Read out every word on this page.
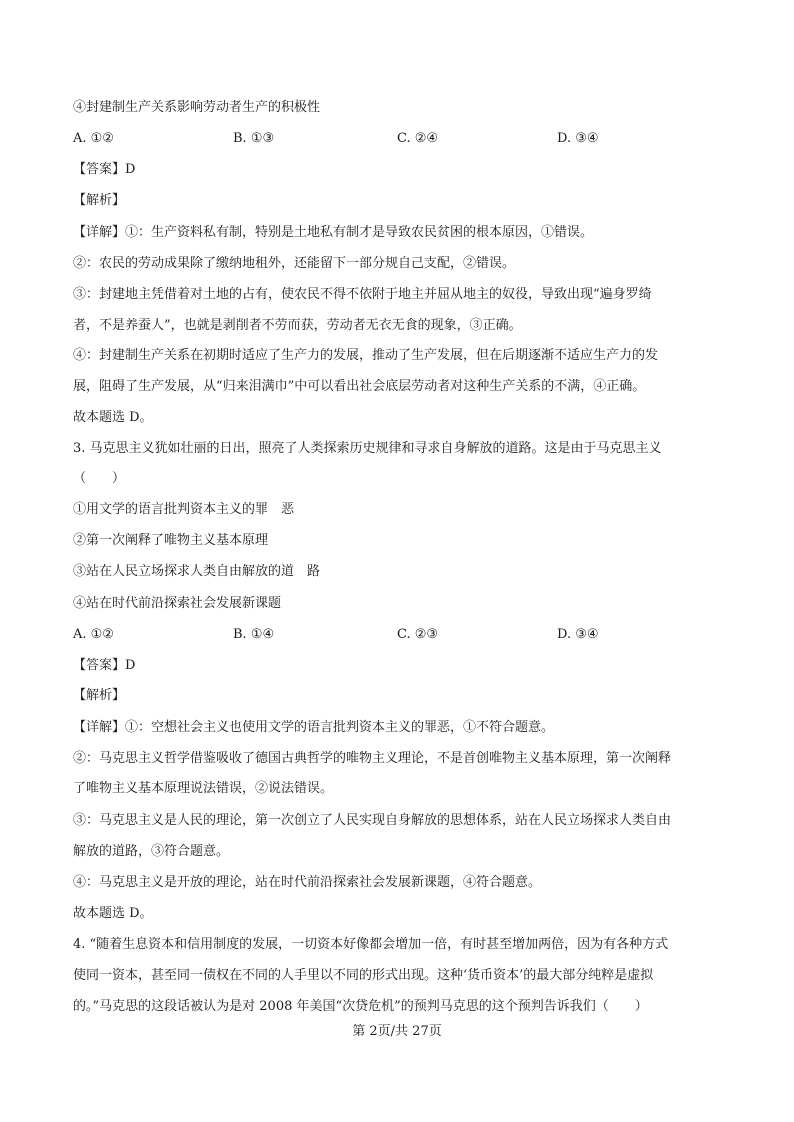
④封建制生产关系影响劳动者生产的积极性
A. ①②	B. ①③	C. ②④	D. ③④
【答案】D
【解析】
【详解】①：生产资料私有制，特别是土地私有制才是导致农民贫困的根本原因，①错误。
②：农民的劳动成果除了缴纳地租外，还能留下一部分规自己支配，②错误。
③：封建地主凭借着对土地的占有，使农民不得不依附于地主并屈从地主的奴役，导致出现“遍身罗绮
者，不是养蚕人”，也就是剥削者不劳而获，劳动者无衣无食的现象，③正确。
④：封建制生产关系在初期时适应了生产力的发展，推动了生产发展，但在后期逐渐不适应生产力的发
展，阻碍了生产发展，从“归来泪满巾”中可以看出社会底层劳动者对这种生产关系的不满，④正确。
故本题选 D。
3. 马克思主义犹如壮丽的日出，照亮了人类探索历史规律和寻求自身解放的道路。这是由于马克思主义
（　　）
①用文学的语言批判资本主义的罪　恶
②第一次阐释了唯物主义基本原理
③站在人民立场探求人类自由解放的道　路
④站在时代前沿探索社会发展新课题
A. ①②	B. ①④	C. ②③	D. ③④
【答案】D
【解析】
【详解】①：空想社会主义也使用文学的语言批判资本主义的罪恶，①不符合题意。
②：马克思主义哲学借鉴吸收了德国古典哲学的唯物主义理论，不是首创唯物主义基本原理，第一次阐释
了唯物主义基本原理说法错误，②说法错误。
③：马克思主义是人民的理论，第一次创立了人民实现自身解放的思想体系，站在人民立场探求人类自由
解放的道路，③符合题意。
④：马克思主义是开放的理论，站在时代前沿探索社会发展新课题，④符合题意。
故本题选 D。
4. “随着生息资本和信用制度的发展，一切资本好像都会增加一倍，有时甚至增加两倍，因为有各种方式
使同一资本，甚至同一债权在不同的人手里以不同的形式出现。这种‘货币资本’的最大部分纯粹是虚拟
的。”马克思的这段话被认为是对 2008 年美国“次贷危机”的预判马克思的这个预判告诉我们（　　）
第 2页/共 27页
